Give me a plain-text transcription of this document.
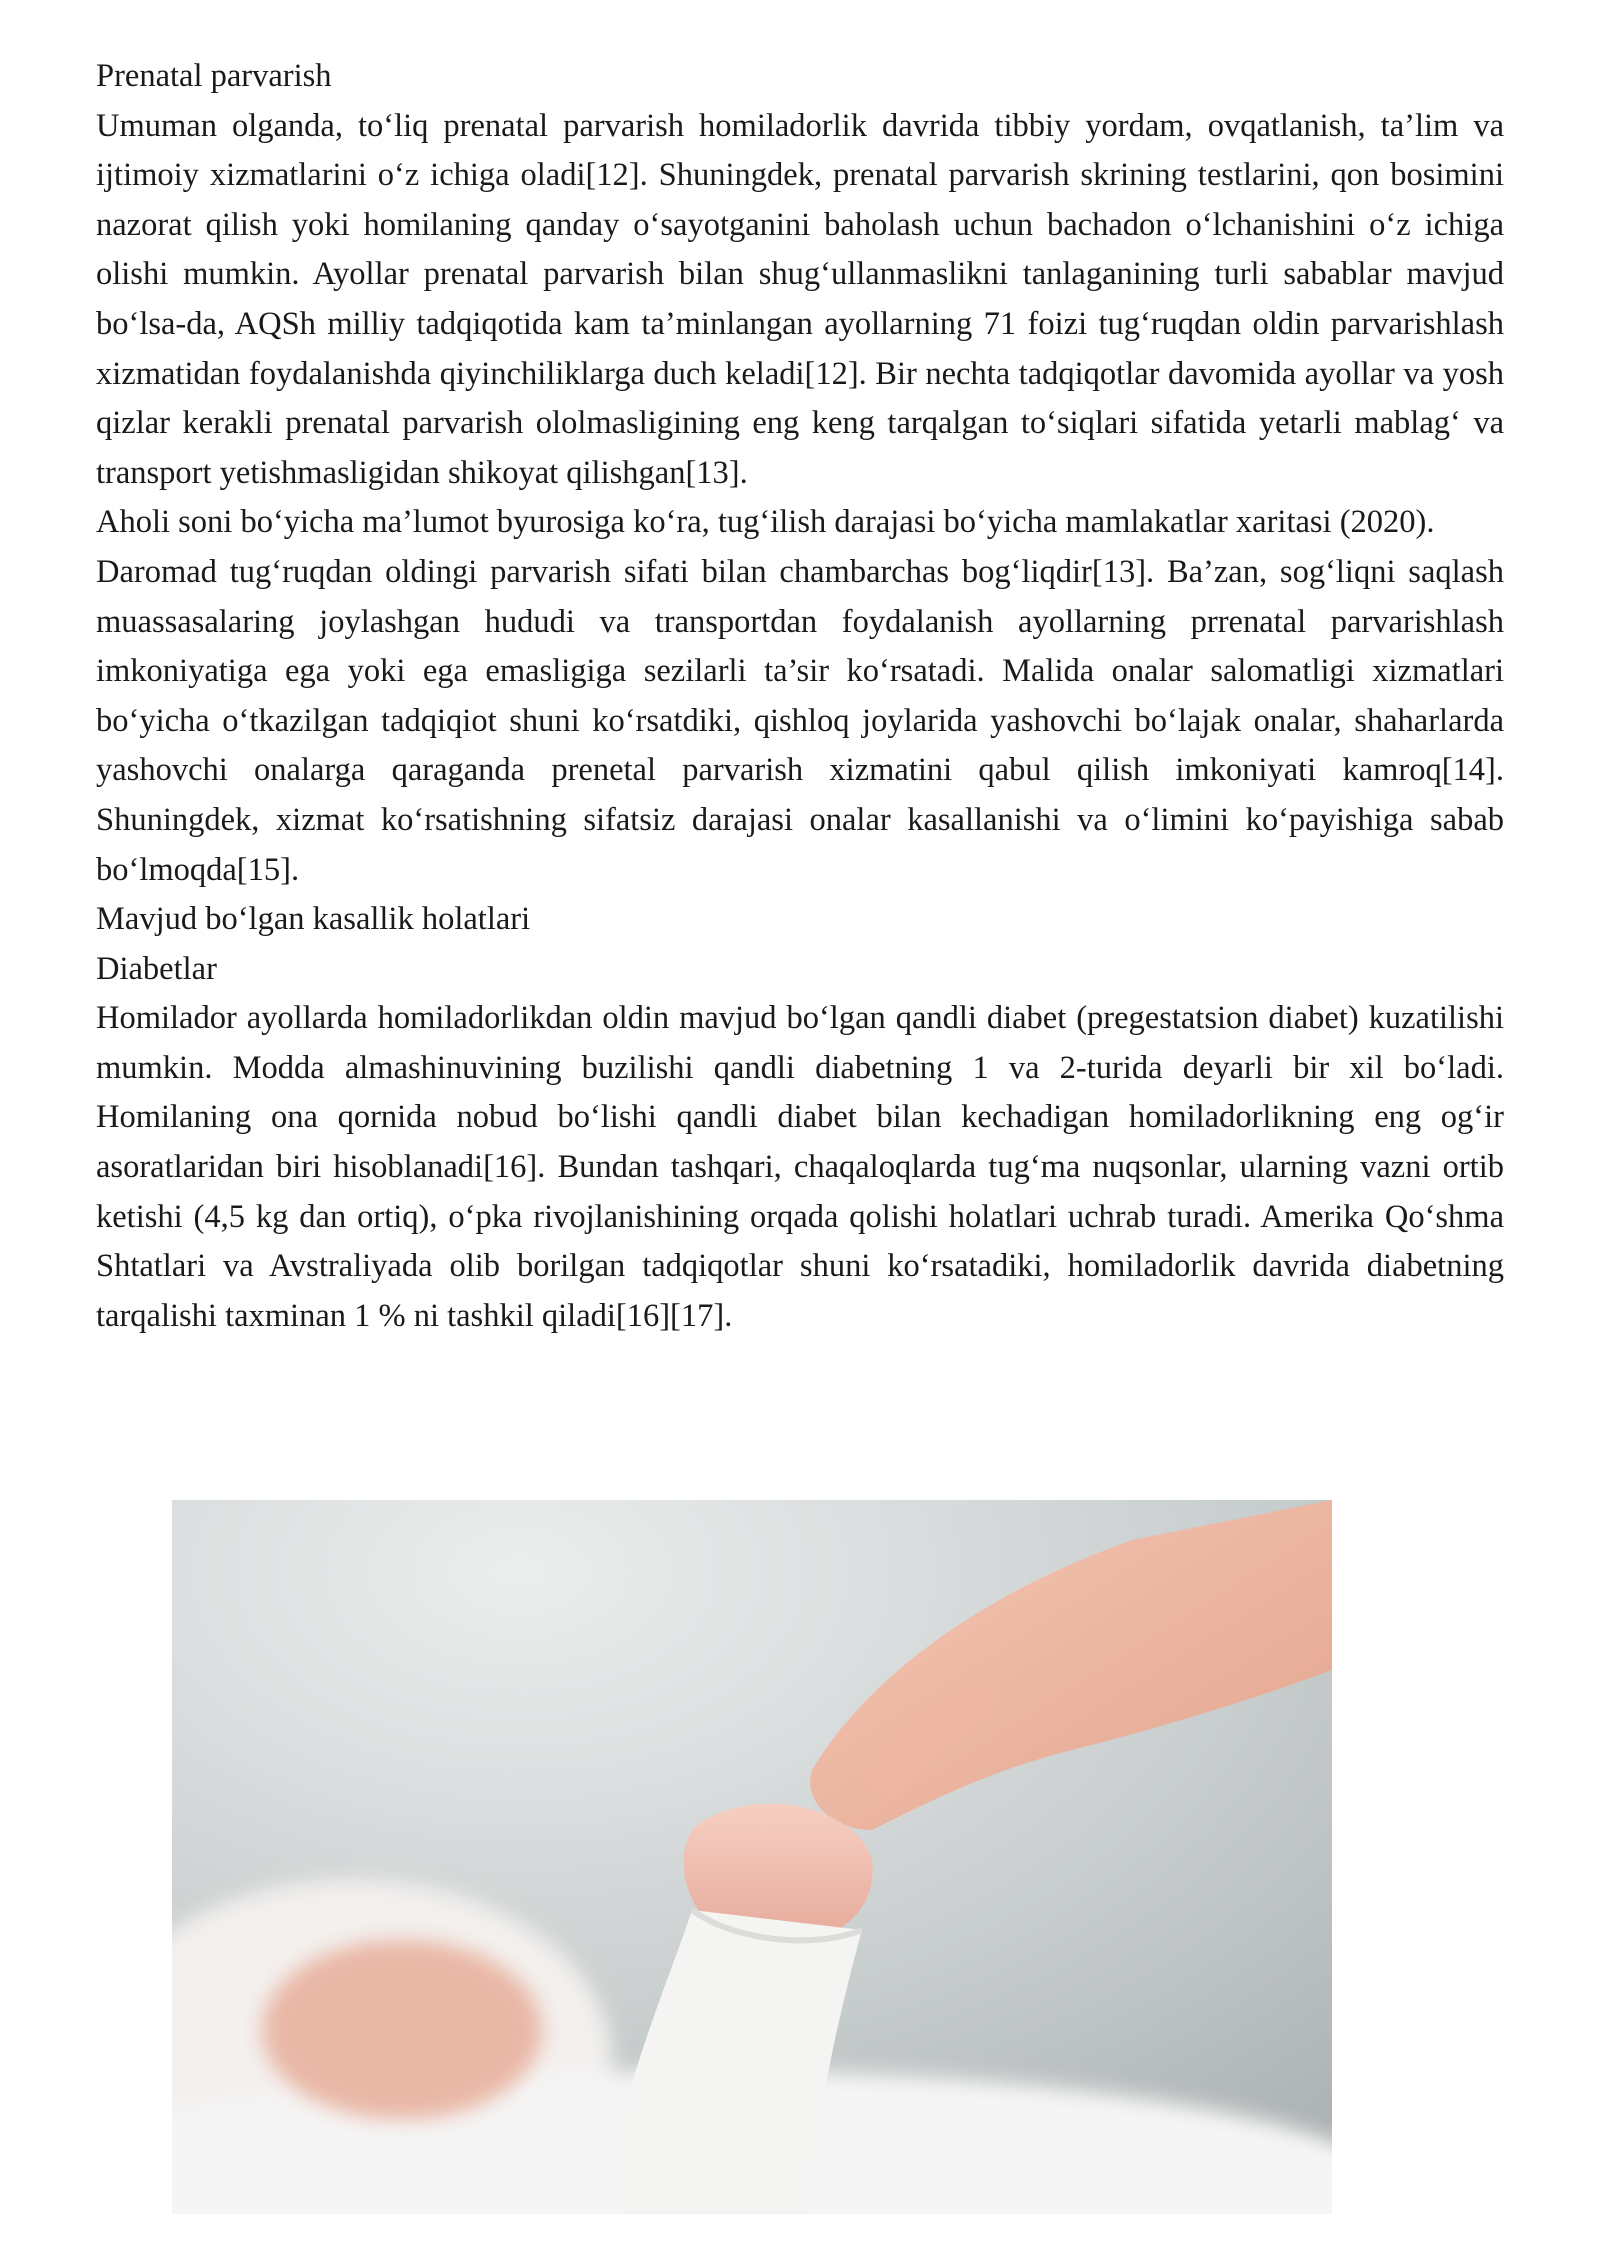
Prenatal parvarish

Umuman olganda, to‘liq prenatal parvarish homiladorlik davrida tibbiy yordam, ovqatlanish, ta’lim va ijtimoiy xizmatlarini o‘z ichiga oladi[12]. Shuningdek, prenatal parvarish skrining testlarini, qon bosimini nazorat qilish yoki homilaning qanday o‘sayotganini baholash uchun bachadon o‘lchanishini o‘z ichiga olishi mumkin. Ayollar prenatal parvarish bilan shug‘ullanmaslikni tanlaganining turli sabablar mavjud bo‘lsa-da, AQSh milliy tadqiqotida kam ta’minlangan ayollarning 71 foizi tug‘ruqdan oldin parvarishlash xizmatidan foydalanishda qiyinchiliklarga duch keladi[12]. Bir nechta tadqiqotlar davomida ayollar va yosh qizlar kerakli prenatal parvarish ololmasligining eng keng tarqalgan to‘siqlari sifatida yetarli mablag‘ va transport yetishmasligidan shikoyat qilishgan[13].

Aholi soni bo‘yicha ma’lumot byurosiga ko‘ra, tug‘ilish darajasi bo‘yicha mamlakatlar xaritasi (2020).

Daromad tug‘ruqdan oldingi parvarish sifati bilan chambarchas bog‘liqdir[13]. Ba’zan, sog‘liqni saqlash muassasalaring joylashgan hududi va transportdan foydalanish ayollarning prrenatal parvarishlash imkoniyatiga ega yoki ega emasligiga sezilarli ta’sir ko‘rsatadi. Malida onalar salomatligi xizmatlari bo‘yicha o‘tkazilgan tadqiqiot shuni ko‘rsatdiki, qishloq joylarida yashovchi bo‘lajak onalar, shaharlarda yashovchi onalarga qaraganda prenetal parvarish xizmatini qabul qilish imkoniyati kamroq[14]. Shuningdek, xizmat ko‘rsatishning sifatsiz darajasi onalar kasallanishi va o‘limini ko‘payishiga sabab bo‘lmoqda[15].

Mavjud bo‘lgan kasallik holatlari

Diabetlar

Homilador ayollarda homiladorlikdan oldin mavjud bo‘lgan qandli diabet (pregestatsion diabet) kuzatilishi mumkin. Modda almashinuvining buzilishi qandli diabetning 1 va 2-turida deyarli bir xil bo‘ladi. Homilaning ona qornida nobud bo‘lishi qandli diabet bilan kechadigan homiladorlikning eng og‘ir asoratlaridan biri hisoblanadi[16]. Bundan tashqari, chaqaloqlarda tug‘ma nuqsonlar, ularning vazni ortib ketishi (4,5 kg dan ortiq), o‘pka rivojlanishining orqada qolishi holatlari uchrab turadi. Amerika Qo‘shma Shtatlari va Avstraliyada olib borilgan tadqiqotlar shuni ko‘rsatadiki, homiladorlik davrida diabetning tarqalishi taxminan 1 % ni tashkil qiladi[16][17].
